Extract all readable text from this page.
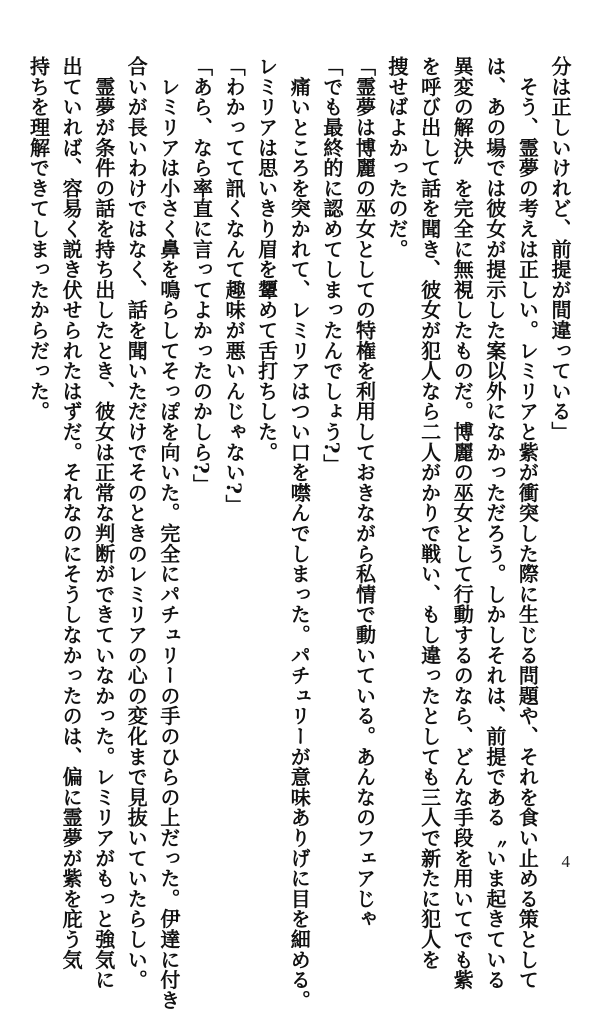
分は正しいけれど、前提が間違っている」
　そう、霊夢の考えは正しい。レミリアと紫が衝突した際に生じる問題や、それを食い止める策として
は、あの場では彼女が提示した案以外になかっただろう。しかしそれは、前提である〝いま起きている
異変の解決〟を完全に無視したものだ。博麗の巫女として行動するのなら、どんな手段を用いてでも紫
を呼び出して話を聞き、彼女が犯人なら二人がかりで戦い、もし違ったとしても三人で新たに犯人を
捜せばよかったのだ。
「霊夢は博麗の巫女としての特権を利用しておきながら私情で動いている。あんなのフェアじゃ
「でも最終的に認めてしまったんでしょう?」
　痛いところを突かれて、レミリアはつい口を噤んでしまった。パチュリーが意味ありげに目を細める。
レミリアは思いきり眉を顰めて舌打ちした。
「わかってて訊くなんて趣味が悪いんじゃない?」
「あら、なら率直に言ってよかったのかしら?」
　レミリアは小さく鼻を鳴らしてそっぽを向いた。完全にパチュリーの手のひらの上だった。伊達に付き
合いが長いわけではなく、話を聞いただけでそのときのレミリアの心の変化まで見抜いていたらしい。
　霊夢が条件の話を持ち出したとき、彼女は正常な判断ができていなかった。レミリアがもっと強気に
出ていれば、容易く説き伏せられたはずだ。それなのにそうしなかったのは、偏に霊夢が紫を庇う気
持ちを理解できてしまったからだった。
4
